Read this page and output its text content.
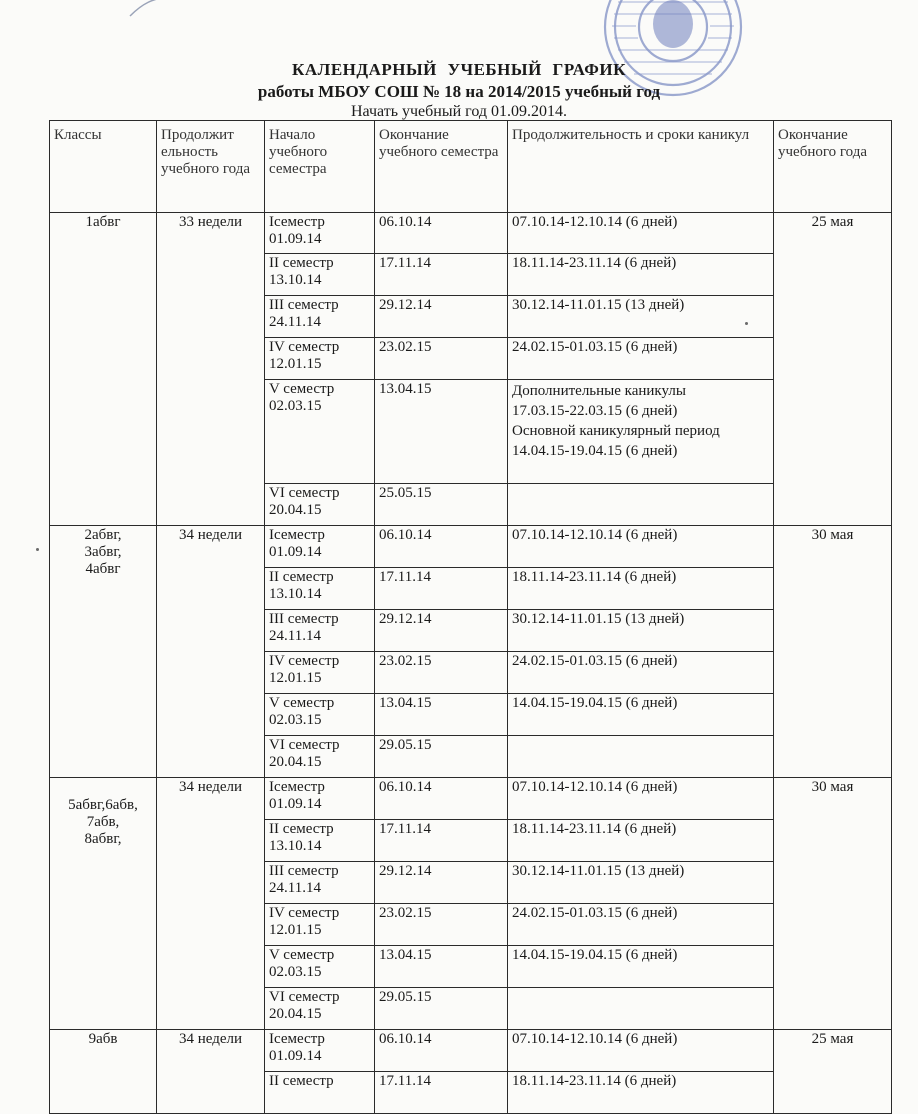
КАЛЕНДАРНЫЙ УЧЕБНЫЙ ГРАФИК
работы МБОУ СОШ № 18 на 2014/2015 учебный год
Начать учебный год 01.09.2014.
Классы	Продолжит ельность учебного года	Начало учебного семестра	Окончание учебного семестра	Продолжительность и сроки каникул	Окончание учебного года
1абвг	33 недели	Iсеместр 01.09.14	06.10.14	07.10.14-12.10.14 (6 дней)	25 мая
		II семестр 13.10.14	17.11.14	18.11.14-23.11.14 (6 дней)	
		III семестр 24.11.14	29.12.14	30.12.14-11.01.15 (13 дней)	
		IV семестр 12.01.15	23.02.15	24.02.15-01.03.15 (6 дней)	
		V семестр 02.03.15	13.04.15	Дополнительные каникулы
17.03.15-22.03.15 (6 дней)
Основной каникулярный период
14.04.15-19.04.15 (6 дней)	

		VI семестр 20.04.15	25.05.15		

2абвг,
3абвг,
4абвг	34 недели	Iсеместр 01.09.14	06.10.14	07.10.14-12.10.14 (6 дней)	30 мая
		II семестр 13.10.14	17.11.14	18.11.14-23.11.14 (6 дней)	
		III семестр 24.11.14	29.12.14	30.12.14-11.01.15 (13 дней)	
		IV семестр 12.01.15	23.02.15	24.02.15-01.03.15 (6 дней)	
		V семестр 02.03.15	13.04.15	14.04.15-19.04.15 (6 дней)	
		VI семестр 20.04.15	29.05.15		

5абвг,6абв,
7абв,
8абвг,	34 недели	Iсеместр 01.09.14	06.10.14	07.10.14-12.10.14 (6 дней)	30 мая
		II семестр 13.10.14	17.11.14	18.11.14-23.11.14 (6 дней)	
		III семестр 24.11.14	29.12.14	30.12.14-11.01.15 (13 дней)	
		IV семестр 12.01.15	23.02.15	24.02.15-01.03.15 (6 дней)	
		V семестр 02.03.15	13.04.15	14.04.15-19.04.15 (6 дней)	
		VI семестр 20.04.15	29.05.15		
9абв	34 недели	Iсеместр 01.09.14	06.10.14	07.10.14-12.10.14 (6 дней)	25 мая
		II семестр	17.11.14	18.11.14-23.11.14 (6 дней)	
